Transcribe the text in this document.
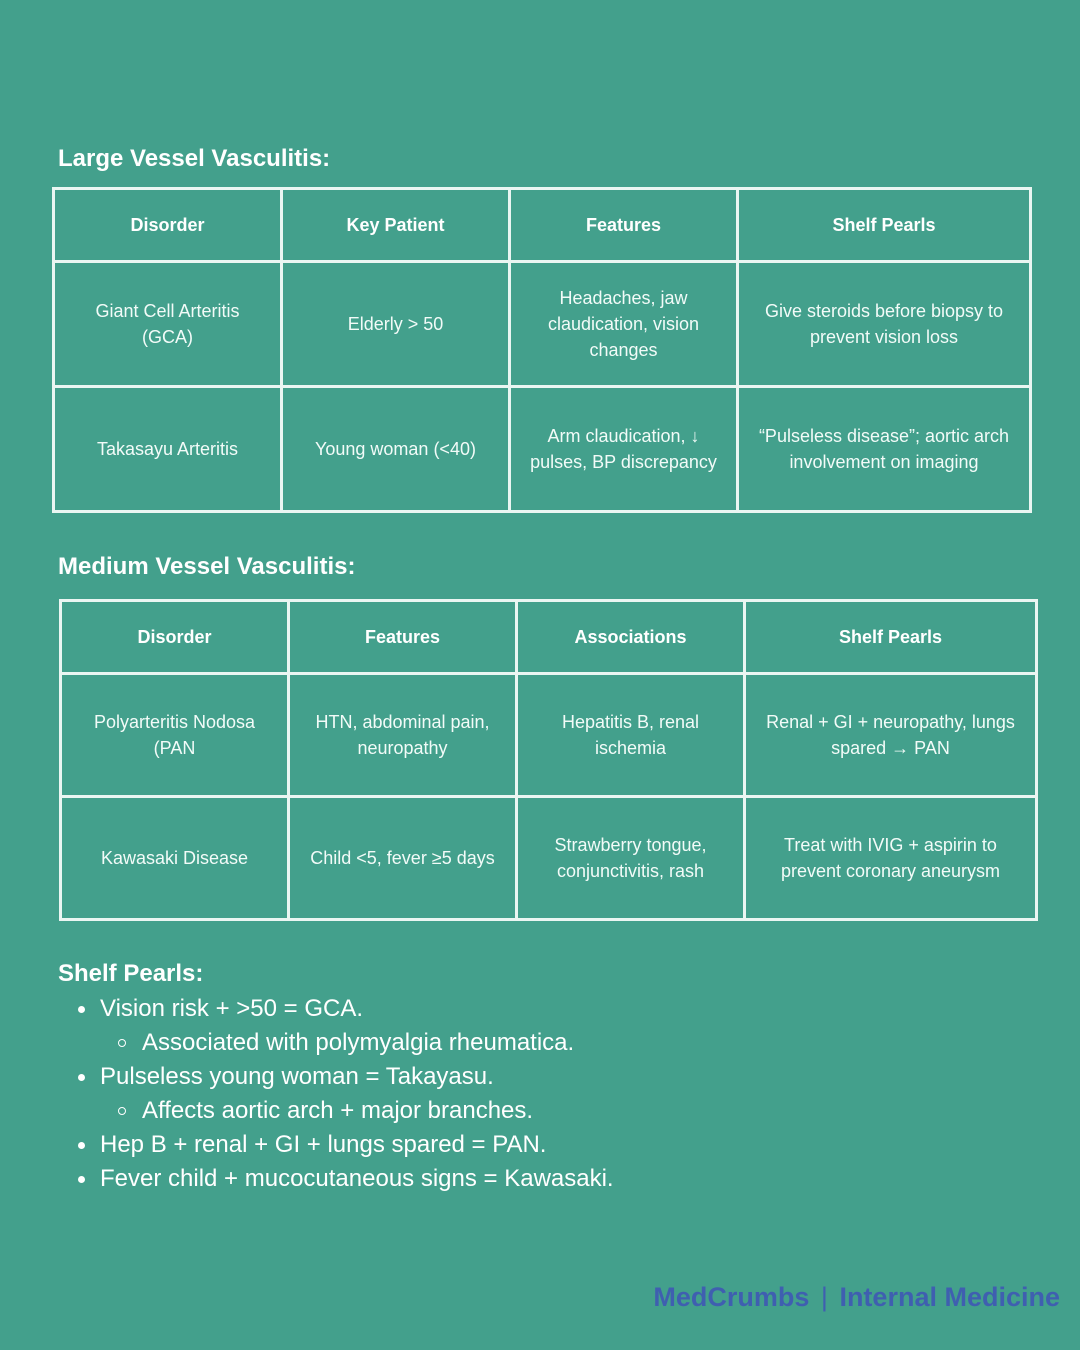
Large Vessel Vasculitis:
Disorder	Key Patient	Features	Shelf Pearls
Giant Cell Arteritis (GCA)	Elderly > 50	Headaches, jaw claudication, vision changes	Give steroids before biopsy to prevent vision loss
Takasayu Arteritis	Young woman (<40)	Arm claudication, ↓ pulses, BP discrepancy	“Pulseless disease”; aortic arch involvement on imaging
Medium Vessel Vasculitis:
Disorder	Features	Associations	Shelf Pearls
Polyarteritis Nodosa (PAN	HTN, abdominal pain, neuropathy	Hepatitis B, renal ischemia	Renal + GI + neuropathy, lungs spared → PAN
Kawasaki Disease	Child <5, fever ≥5 days	Strawberry tongue, conjunctivitis, rash	Treat with IVIG + aspirin to prevent coronary aneurysm
Shelf Pearls:
Vision risk + >50 = GCA.
Associated with polymyalgia rheumatica.
Pulseless young woman = Takayasu.
Affects aortic arch + major branches.
Hep B + renal + GI + lungs spared = PAN.
Fever child + mucocutaneous signs = Kawasaki.
MedCrumbs | Internal Medicine
